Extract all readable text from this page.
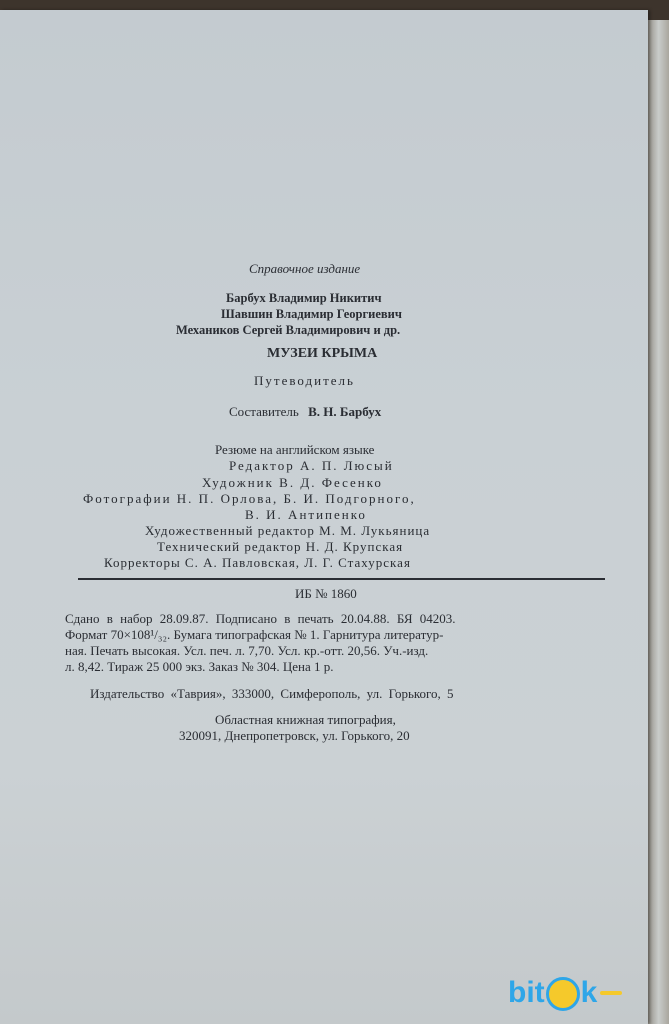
Справочное издание
Барбух Владимир Никитич
Шавшин Владимир Георгиевич
Механиков Сергей Владимирович и др.
МУЗЕИ КРЫМА
Путеводитель
Составитель В. Н. Барбух
Резюме на английском языке
Редактор А. П. Люсый
Художник В. Д. Фесенко
Фотографии Н. П. Орлова, Б. И. Подгорного,
В. И. Антипенко
Художественный редактор М. М. Лукьяница
Технический редактор Н. Д. Крупская
Корректоры С. А. Павловская, Л. Г. Стахурская
ИБ № 1860
Сдано в набор 28.09.87. Подписано в печать 20.04.88. БЯ 04203.
Формат 70×108¹/₃₂. Бумага типографская № 1. Гарнитура литератур-
ная. Печать высокая. Усл. печ. л. 7,70. Усл. кр.-отт. 20,56. Уч.-изд.
л. 8,42. Тираж 25 000 экз. Заказ № 304. Цена 1 р.
Издательство «Таврия», 333000, Симферополь, ул. Горького, 5
Областная книжная типография,
320091, Днепропетровск, ул. Горького, 20
bit k
